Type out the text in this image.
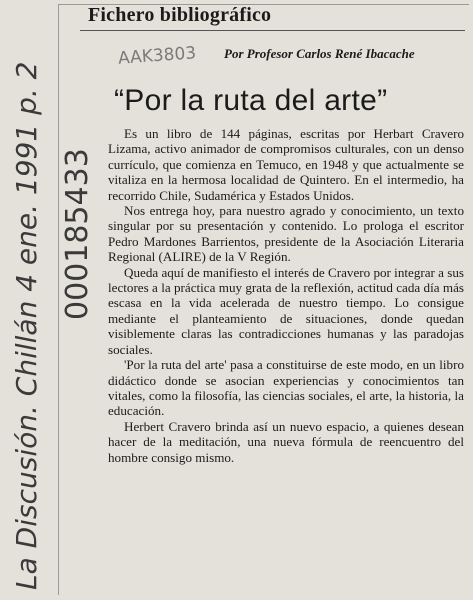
Fichero bibliográfico
AAK3803 Por Profesor Carlos René Ibacache
“Por la ruta del arte”

Es un libro de 144 páginas, escritas por Herbart Cravero Lizama, activo animador de compromisos culturales, con un denso currículo, que comienza en Temuco, en 1948 y que actualmente se vitaliza en la hermosa localidad de Quintero. En el intermedio, ha recorrido Chile, Sudamérica y Estados Unidos.

Nos entrega hoy, para nuestro agrado y conocimiento, un texto singular por su presentación y contenido. Lo prologa el escritor Pedro Mardones Barrientos, presidente de la Asociación Literaria Regional (ALIRE) de la V Región.

Queda aquí de manifiesto el interés de Cravero por integrar a sus lectores a la práctica muy grata de la reflexión, actitud cada día más escasa en la vida acelerada de nuestro tiempo. Lo consigue mediante el planteamiento de situaciones, donde quedan visiblemente claras las contradicciones humanas y las paradojas sociales.

'Por la ruta del arte' pasa a constituirse de este modo, en un libro didáctico donde se asocian experiencias y conocimientos tan vitales, como la filosofía, las ciencias sociales, el arte, la historia, la educación.

Herbert Cravero brinda así un nuevo espacio, a quienes desean hacer de la meditación, una nueva fórmula de reencuentro del hombre consigo mismo.

000185433
La Discusión. Chillán 4 ene. 1991 p. 2
